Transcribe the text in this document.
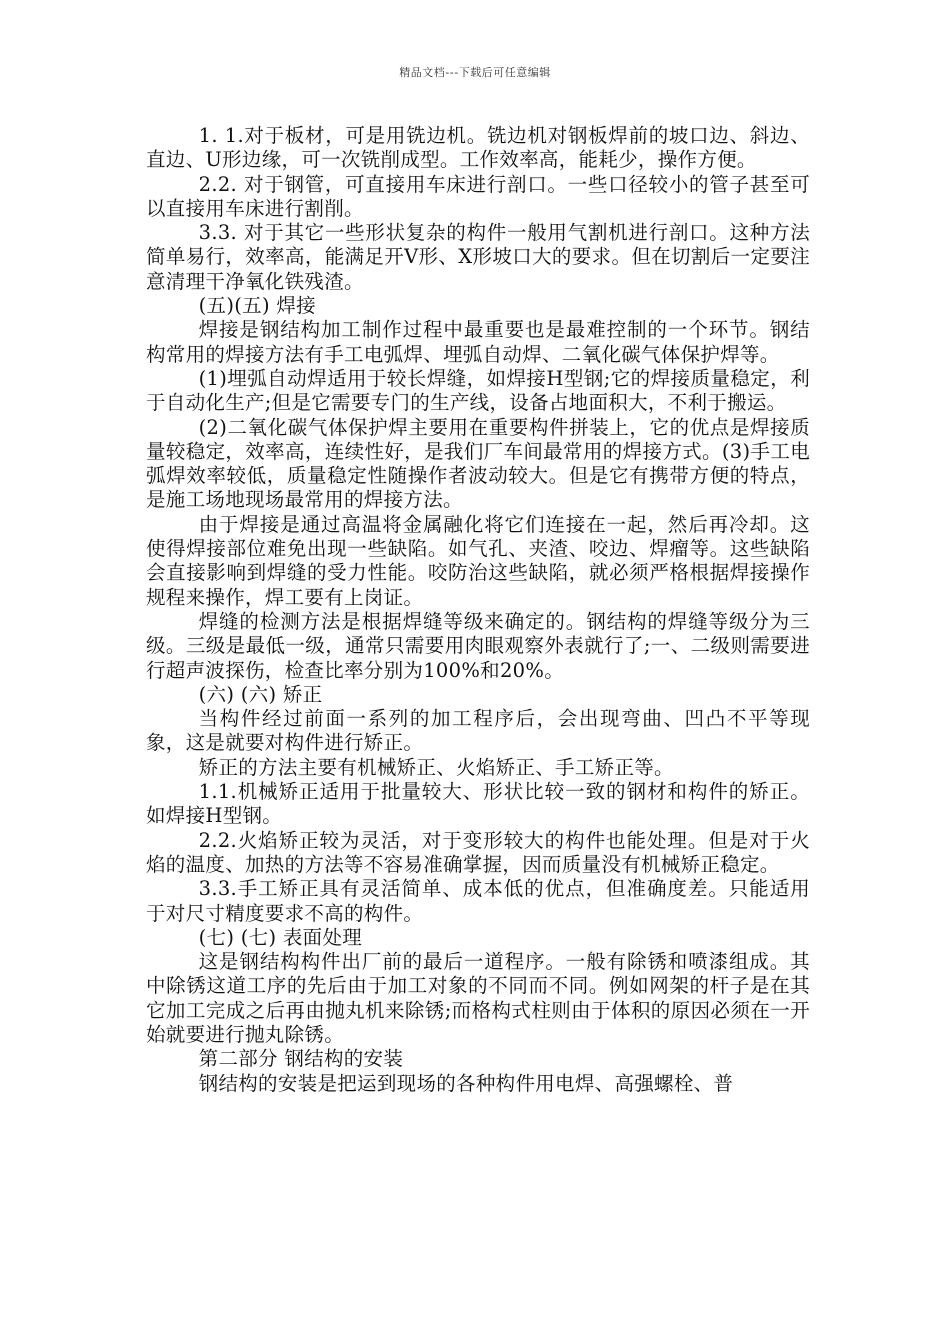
精品文档---下载后可任意编辑

1. 1.对于板材，可是用铣边机。铣边机对钢板焊前的坡口边、斜边、直边、U形边缘，可一次铣削成型。工作效率高，能耗少，操作方便。

2.2. 对于钢管，可直接用车床进行剖口。一些口径较小的管子甚至可以直接用车床进行割削。

3.3. 对于其它一些形状复杂的构件一般用气割机进行剖口。这种方法简单易行，效率高，能满足开V形、X形坡口大的要求。但在切割后一定要注意清理干净氧化铁残渣。

(五)(五) 焊接

焊接是钢结构加工制作过程中最重要也是最难控制的一个环节。钢结构常用的焊接方法有手工电弧焊、埋弧自动焊、二氧化碳气体保护焊等。

(1)埋弧自动焊适用于较长焊缝，如焊接H型钢;它的焊接质量稳定，利于自动化生产;但是它需要专门的生产线，设备占地面积大，不利于搬运。

(2)二氧化碳气体保护焊主要用在重要构件拼装上，它的优点是焊接质量较稳定，效率高，连续性好，是我们厂车间最常用的焊接方式。(3)手工电弧焊效率较低，质量稳定性随操作者波动较大。但是它有携带方便的特点，是施工场地现场最常用的焊接方法。

由于焊接是通过高温将金属融化将它们连接在一起，然后再冷却。这使得焊接部位难免出现一些缺陷。如气孔、夹渣、咬边、焊瘤等。这些缺陷会直接影响到焊缝的受力性能。咬防治这些缺陷，就必须严格根据焊接操作规程来操作，焊工要有上岗证。

焊缝的检测方法是根据焊缝等级来确定的。钢结构的焊缝等级分为三级。三级是最低一级，通常只需要用肉眼观察外表就行了;一、二级则需要进行超声波探伤，检查比率分别为100%和20%。

(六) (六) 矫正

当构件经过前面一系列的加工程序后，会出现弯曲、凹凸不平等现象，这是就要对构件进行矫正。

矫正的方法主要有机械矫正、火焰矫正、手工矫正等。

1.1.机械矫正适用于批量较大、形状比较一致的钢材和构件的矫正。如焊接H型钢。

2.2.火焰矫正较为灵活，对于变形较大的构件也能处理。但是对于火焰的温度、加热的方法等不容易准确掌握，因而质量没有机械矫正稳定。

3.3.手工矫正具有灵活简单、成本低的优点，但准确度差。只能适用于对尺寸精度要求不高的构件。

(七) (七) 表面处理

这是钢结构构件出厂前的最后一道程序。一般有除锈和喷漆组成。其中除锈这道工序的先后由于加工对象的不同而不同。例如网架的杆子是在其它加工完成之后再由抛丸机来除锈;而格构式柱则由于体积的原因必须在一开始就要进行抛丸除锈。

第二部分 钢结构的安装

钢结构的安装是把运到现场的各种构件用电焊、高强螺栓、普
